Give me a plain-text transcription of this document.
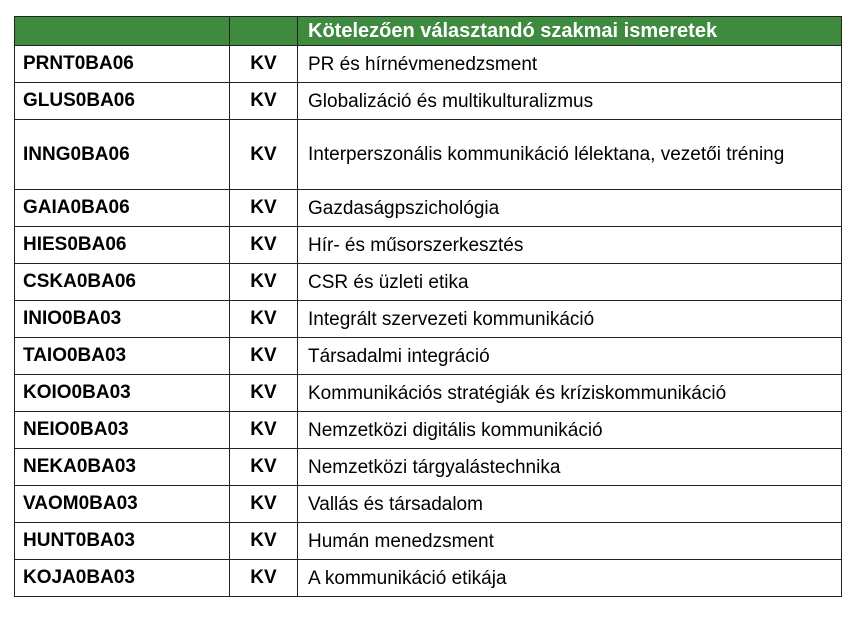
		Kötelezően választandó szakmai ismeretek
PRNT0BA06	KV	PR és hírnévmenedzsment
GLUS0BA06	KV	Globalizáció és multikulturalizmus
INNG0BA06	KV	Interperszonális kommunikáció lélektana, vezetői tréning
GAIA0BA06	KV	Gazdaságpszichológia
HIES0BA06	KV	Hír- és műsorszerkesztés
CSKA0BA06	KV	CSR és üzleti etika
INIO0BA03	KV	Integrált szervezeti kommunikáció
TAIO0BA03	KV	Társadalmi integráció
KOIO0BA03	KV	Kommunikációs stratégiák és kríziskommunikáció
NEIO0BA03	KV	Nemzetközi digitális kommunikáció
NEKA0BA03	KV	Nemzetközi tárgyalástechnika
VAOM0BA03	KV	Vallás és társadalom
HUNT0BA03	KV	Humán menedzsment
KOJA0BA03	KV	A kommunikáció etikája
